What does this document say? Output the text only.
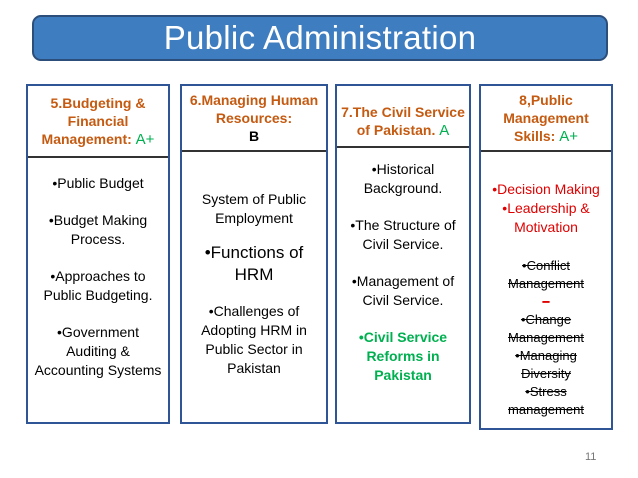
Public Administration
5.Budgeting &
Financial
Management: A+

•Public Budget

•Budget Making

Process.

•Approaches to

Public Budgeting.

•Government

Auditing &

Accounting Systems

6.Managing Human
Resources:
B

System of Public

Employment

•Functions of

HRM

•Challenges of

Adopting HRM in

Public Sector in

Pakistan

7.The Civil Service
of Pakistan. A

•Historical

Background.

•The Structure of

Civil Service.

•Management of

Civil Service.

•Civil Service

Reforms in

Pakistan

8,Public
Management
Skills: A+

•Decision Making

•Leadership &

Motivation

•Conflict

Management

–

•Change

Management

•Managing

Diversity

•Stress

management

11
